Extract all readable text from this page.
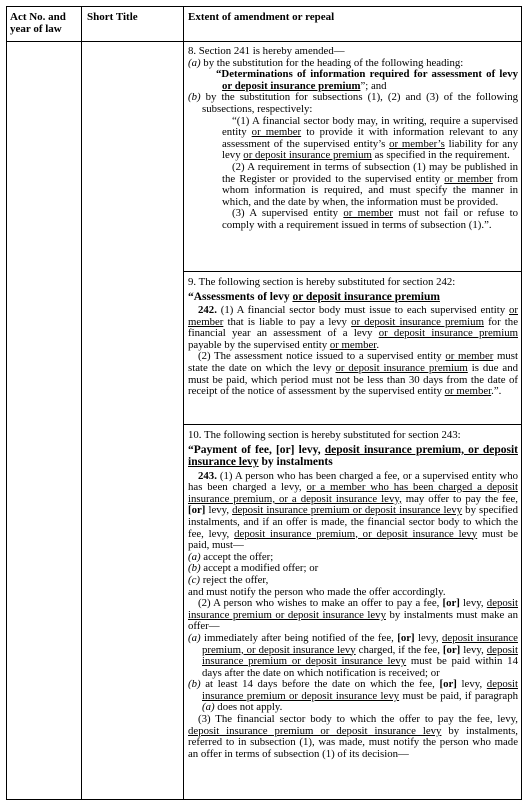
Act No. and year of law
Short Title	Extent of amendment or repeal

8. Section 241 is hereby amended—

(a) by the substitution for the heading of the following heading:

“Determinations of information required for assessment of levy or deposit insurance premium”; and

(b) by the substitution for subsections (1), (2) and (3) of the following subsections, respectively:

“(1) A financial sector body may, in writing, require a supervised entity or member to provide it with information relevant to any assessment of the supervised entity’s or member’s liability for any levy or deposit insurance premium as specified in the requirement.

(2) A requirement in terms of subsection (1) may be published in the Register or provided to the supervised entity or member from whom information is required, and must specify the manner in which, and the date by when, the information must be provided.

(3) A supervised entity or member must not fail or refuse to comply with a requirement issued in terms of subsection (1).”.

9. The following section is hereby substituted for section 242:

“Assessments of levy or deposit insurance premium

242. (1) A financial sector body must issue to each supervised entity or member that is liable to pay a levy or deposit insurance premium for the financial year an assessment of a levy or deposit insurance premium payable by the supervised entity or member.

(2) The assessment notice issued to a supervised entity or member must state the date on which the levy or deposit insurance premium is due and must be paid, which period must not be less than 30 days from the date of receipt of the notice of assessment by the supervised entity or member.”.

10. The following section is hereby substituted for section 243:

“Payment of fee, [or] levy, deposit insurance premium, or deposit insurance levy by instalments

243. (1) A person who has been charged a fee, or a supervised entity who has been charged a levy, or a member who has been charged a deposit insurance premium, or a deposit insurance levy, may offer to pay the fee, [or] levy, deposit insurance premium or deposit insurance levy by specified instalments, and if an offer is made, the financial sector body to which the fee, levy, deposit insurance premium, or deposit insurance levy must be paid, must—

(a) accept the offer;

(b) accept a modified offer; or

(c) reject the offer,

and must notify the person who made the offer accordingly.

(2) A person who wishes to make an offer to pay a fee, [or] levy, deposit insurance premium or deposit insurance levy by instalments must make an offer—

(a) immediately after being notified of the fee, [or] levy, deposit insurance premium, or deposit insurance levy charged, if the fee, [or] levy, deposit insurance premium or deposit insurance levy must be paid within 14 days after the date on which notification is received; or

(b) at least 14 days before the date on which the fee, [or] levy, deposit insurance premium or deposit insurance levy must be paid, if paragraph (a) does not apply.

(3) The financial sector body to which the offer to pay the fee, levy, deposit insurance premium or deposit insurance levy by instalments, referred to in subsection (1), was made, must notify the person who made an offer in terms of subsection (1) of its decision—
